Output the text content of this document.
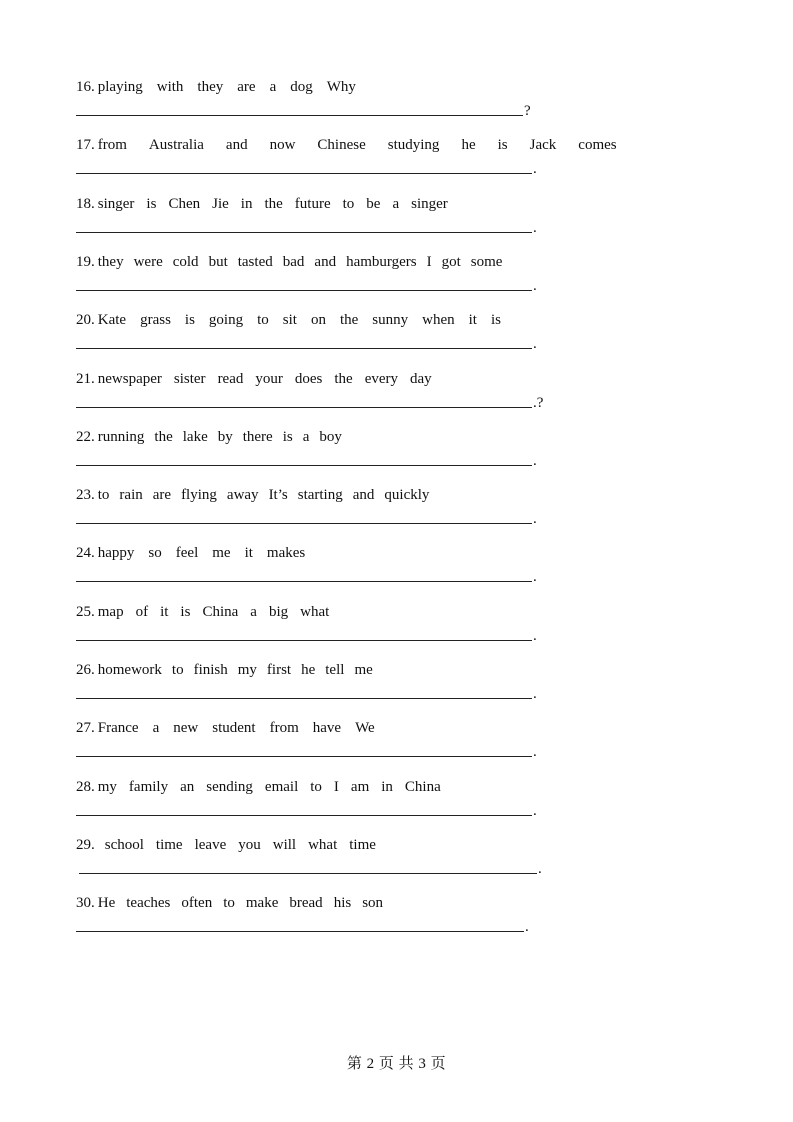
16. playing with they are a dog Why
?
17. from Australia and now Chinese studying he is Jack comes
.
18. singer is Chen Jie in the future to be a singer
.
19. they were cold but tasted bad and hamburgers I got some
.
20. Kate grass is going to sit on the sunny when it is
.
21. newspaper sister read your does the every day
.?
22. running the lake by there is a boy
.
23. to rain are flying away It’s starting and quickly
.
24. happy so feel me it makes
.
25. map of it is China a big what
.
26. homework to finish my first he tell me
.
27. France a new student from have We
.
28. my family an sending email to I am in China
.
29. school time leave you will what time
.
30. He teaches often to make bread his son
.
第 2 页 共 3 页
